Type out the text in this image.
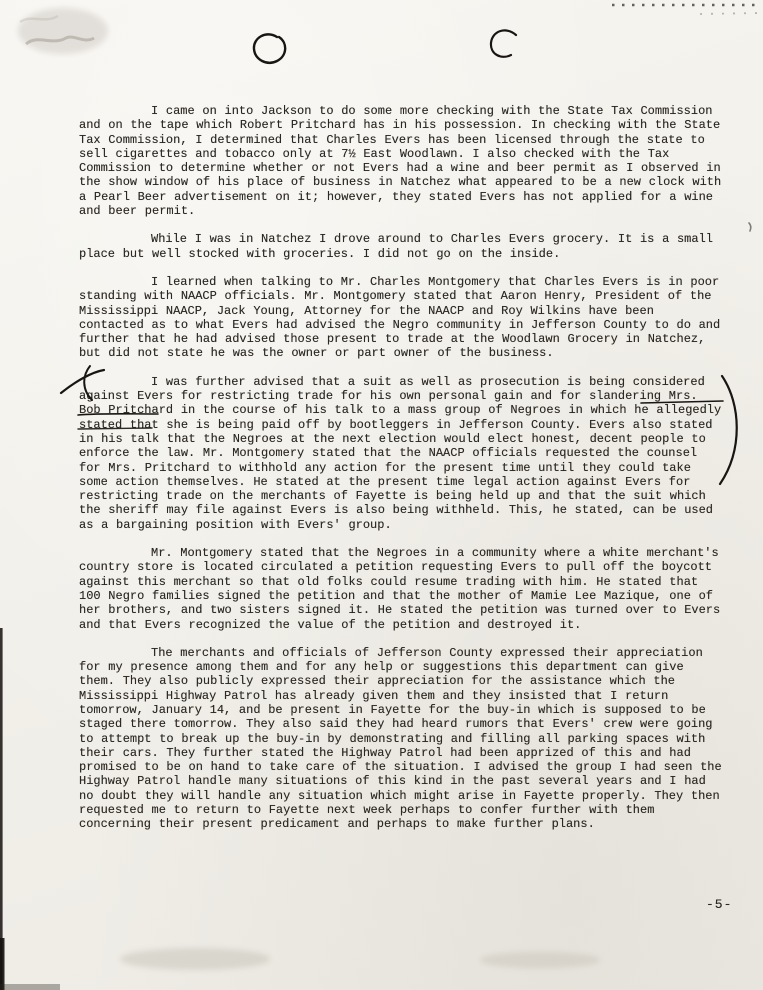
I came on into Jackson to do some more checking with the State Tax Commission and on the tape which Robert Pritchard has in his possession. In checking with the State Tax Commission, I determined that Charles Evers has been licensed through the state to sell cigarettes and tobacco only at 7½ East Woodlawn. I also checked with the Tax Commission to determine whether or not Evers had a wine and beer permit as I observed in the show window of his place of business in Natchez what appeared to be a new clock with a Pearl Beer advertisement on it; however, they stated Evers has not applied for a wine and beer permit.

While I was in Natchez I drove around to Charles Evers grocery. It is a small place but well stocked with groceries. I did not go on the inside.

I learned when talking to Mr. Charles Montgomery that Charles Evers is in poor standing with NAACP officials. Mr. Montgomery stated that Aaron Henry, President of the Mississippi NAACP, Jack Young, Attorney for the NAACP and Roy Wilkins have been contacted as to what Evers had advised the Negro community in Jefferson County to do and further that he had advised those present to trade at the Woodlawn Grocery in Natchez, but did not state he was the owner or part owner of the business.

I was further advised that a suit as well as prosecution is being considered against Evers for restricting trade for his own personal gain and for slandering Mrs. Bob Pritchard in the course of his talk to a mass group of Negroes in which he allegedly stated that she is being paid off by bootleggers in Jefferson County. Evers also stated in his talk that the Negroes at the next election would elect honest, decent people to enforce the law. Mr. Montgomery stated that the NAACP officials requested the counsel for Mrs. Pritchard to withhold any action for the present time until they could take some action themselves. He stated at the present time legal action against Evers for restricting trade on the merchants of Fayette is being held up and that the suit which the sheriff may file against Evers is also being withheld. This, he stated, can be used as a bargaining position with Evers' group.

Mr. Montgomery stated that the Negroes in a community where a white merchant's country store is located circulated a petition requesting Evers to pull off the boycott against this merchant so that old folks could resume trading with him. He stated that 100 Negro families signed the petition and that the mother of Mamie Lee Mazique, one of her brothers, and two sisters signed it. He stated the petition was turned over to Evers and that Evers recognized the value of the petition and destroyed it.

The merchants and officials of Jefferson County expressed their appreciation for my presence among them and for any help or suggestions this department can give them. They also publicly expressed their appreciation for the assistance which the Mississippi Highway Patrol has already given them and they insisted that I return tomorrow, January 14, and be present in Fayette for the buy-in which is supposed to be staged there tomorrow. They also said they had heard rumors that Evers' crew were going to attempt to break up the buy-in by demonstrating and filling all parking spaces with their cars. They further stated the Highway Patrol had been apprized of this and had promised to be on hand to take care of the situation. I advised the group I had seen the Highway Patrol handle many situations of this kind in the past several years and I had no doubt they will handle any situation which might arise in Fayette properly. They then requested me to return to Fayette next week perhaps to confer further with them concerning their present predicament and perhaps to make further plans.

-5-
